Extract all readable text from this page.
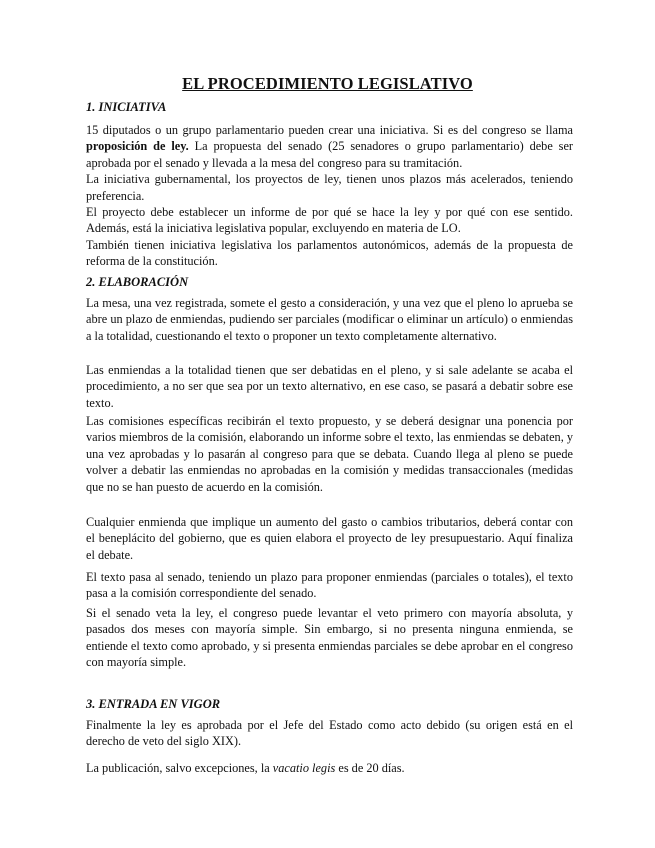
EL PROCEDIMIENTO LEGISLATIVO
1. INICIATIVA

15 diputados o un grupo parlamentario pueden crear una iniciativa. Si es del congreso se llama proposición de ley. La propuesta del senado (25 senadores o grupo parlamentario) debe ser aprobada por el senado y llevada a la mesa del congreso para su tramitación.

La iniciativa gubernamental, los proyectos de ley, tienen unos plazos más acelerados, teniendo preferencia.

El proyecto debe establecer un informe de por qué se hace la ley y por qué con ese sentido. Además, está la iniciativa legislativa popular, excluyendo en materia de LO.

También tienen iniciativa legislativa los parlamentos autonómicos, además de la propuesta de reforma de la constitución.

2. ELABORACIÓN

La mesa, una vez registrada, somete el gesto a consideración, y una vez que el pleno lo aprueba se abre un plazo de enmiendas, pudiendo ser parciales (modificar o eliminar un artículo) o enmiendas a la totalidad, cuestionando el texto o proponer un texto completamente alternativo.

Las enmiendas a la totalidad tienen que ser debatidas en el pleno, y si sale adelante se acaba el procedimiento, a no ser que sea por un texto alternativo, en ese caso, se pasará a debatir sobre ese texto.

Las comisiones específicas recibirán el texto propuesto, y se deberá designar una ponencia por varios miembros de la comisión, elaborando un informe sobre el texto, las enmiendas se debaten, y una vez aprobadas y lo pasarán al congreso para que se debata. Cuando llega al pleno se puede volver a debatir las enmiendas no aprobadas en la comisión y medidas transaccionales (medidas que no se han puesto de acuerdo en la comisión.

Cualquier enmienda que implique un aumento del gasto o cambios tributarios, deberá contar con el beneplácito del gobierno, que es quien elabora el proyecto de ley presupuestario. Aquí finaliza el debate.

El texto pasa al senado, teniendo un plazo para proponer enmiendas (parciales o totales), el texto pasa a la comisión correspondiente del senado.

Si el senado veta la ley, el congreso puede levantar el veto primero con mayoría absoluta, y pasados dos meses con mayoría simple. Sin embargo, si no presenta ninguna enmienda, se entiende el texto como aprobado, y si presenta enmiendas parciales se debe aprobar en el congreso con mayoría simple.

3. ENTRADA EN VIGOR

Finalmente la ley es aprobada por el Jefe del Estado como acto debido (su origen está en el derecho de veto del siglo XIX).

La publicación, salvo excepciones, la vacatio legis es de 20 días.
